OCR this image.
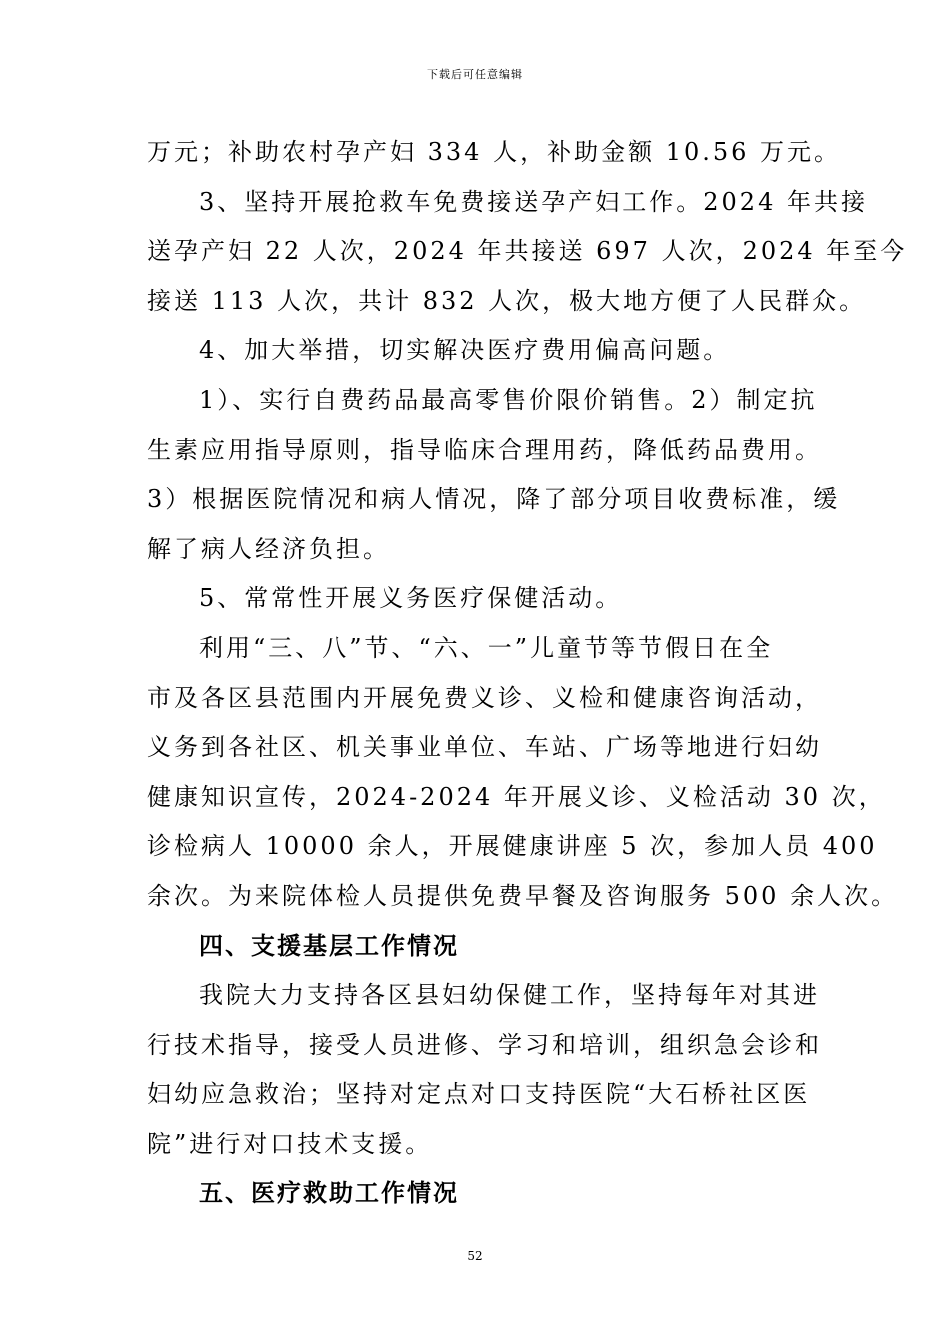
下载后可任意编辑
万元；补助农村孕产妇 334 人，补助金额 10.56 万元。
3、坚持开展抢救车免费接送孕产妇工作。2024 年共接
送孕产妇 22 人次，2024 年共接送 697 人次，2024 年至今
接送 113 人次，共计 832 人次，极大地方便了人民群众。
4、加大举措，切实解决医疗费用偏高问题。
1）、实行自费药品最高零售价限价销售。2）制定抗
生素应用指导原则，指导临床合理用药，降低药品费用。
3）根据医院情况和病人情况，降了部分项目收费标准，缓
解了病人经济负担。
5、常常性开展义务医疗保健活动。
利用“三、八”节、“六、一”儿童节等节假日在全
市及各区县范围内开展免费义诊、义检和健康咨询活动，
义务到各社区、机关事业单位、车站、广场等地进行妇幼
健康知识宣传，2024-2024 年开展义诊、义检活动 30 次，
诊检病人 10000 余人，开展健康讲座 5 次，参加人员 400
余次。为来院体检人员提供免费早餐及咨询服务 500 余人次。
四、支援基层工作情况
我院大力支持各区县妇幼保健工作，坚持每年对其进
行技术指导，接受人员进修、学习和培训，组织急会诊和
妇幼应急救治；坚持对定点对口支持医院“大石桥社区医
院”进行对口技术支援。
五、医疗救助工作情况
52
